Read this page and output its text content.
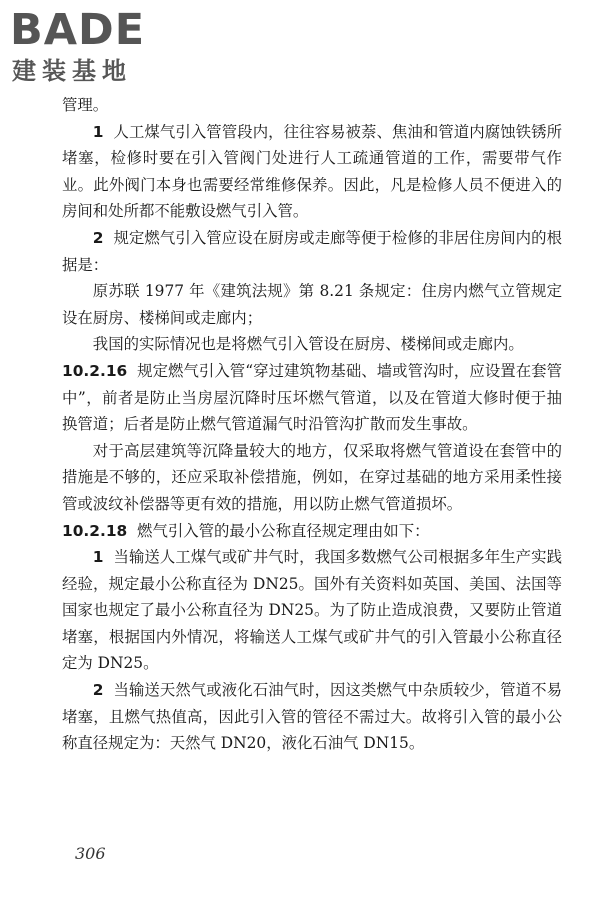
BADE
建装基地

管理。

1 人工煤气引入管管段内，往往容易被萘、焦油和管道内腐蚀铁锈所堵塞，检修时要在引入管阀门处进行人工疏通管道的工作，需要带气作业。此外阀门本身也需要经常维修保养。因此，凡是检修人员不便进入的房间和处所都不能敷设燃气引入管。

2 规定燃气引入管应设在厨房或走廊等便于检修的非居住房间内的根据是：

原苏联 1977 年《建筑法规》第 8.21 条规定：住房内燃气立管规定设在厨房、楼梯间或走廊内；

我国的实际情况也是将燃气引入管设在厨房、楼梯间或走廊内。

10.2.16 规定燃气引入管“穿过建筑物基础、墙或管沟时，应设置在套管中”，前者是防止当房屋沉降时压坏燃气管道，以及在管道大修时便于抽换管道；后者是防止燃气管道漏气时沿管沟扩散而发生事故。

对于高层建筑等沉降量较大的地方，仅采取将燃气管道设在套管中的措施是不够的，还应采取补偿措施，例如，在穿过基础的地方采用柔性接管或波纹补偿器等更有效的措施，用以防止燃气管道损坏。

10.2.18 燃气引入管的最小公称直径规定理由如下：

1 当输送人工煤气或矿井气时，我国多数燃气公司根据多年生产实践经验，规定最小公称直径为 DN25。国外有关资料如英国、美国、法国等国家也规定了最小公称直径为 DN25。为了防止造成浪费，又要防止管道堵塞，根据国内外情况，将输送人工煤气或矿井气的引入管最小公称直径定为 DN25。

2 当输送天然气或液化石油气时，因这类燃气中杂质较少，管道不易堵塞，且燃气热值高，因此引入管的管径不需过大。故将引入管的最小公称直径规定为：天然气 DN20，液化石油气 DN15。

306
